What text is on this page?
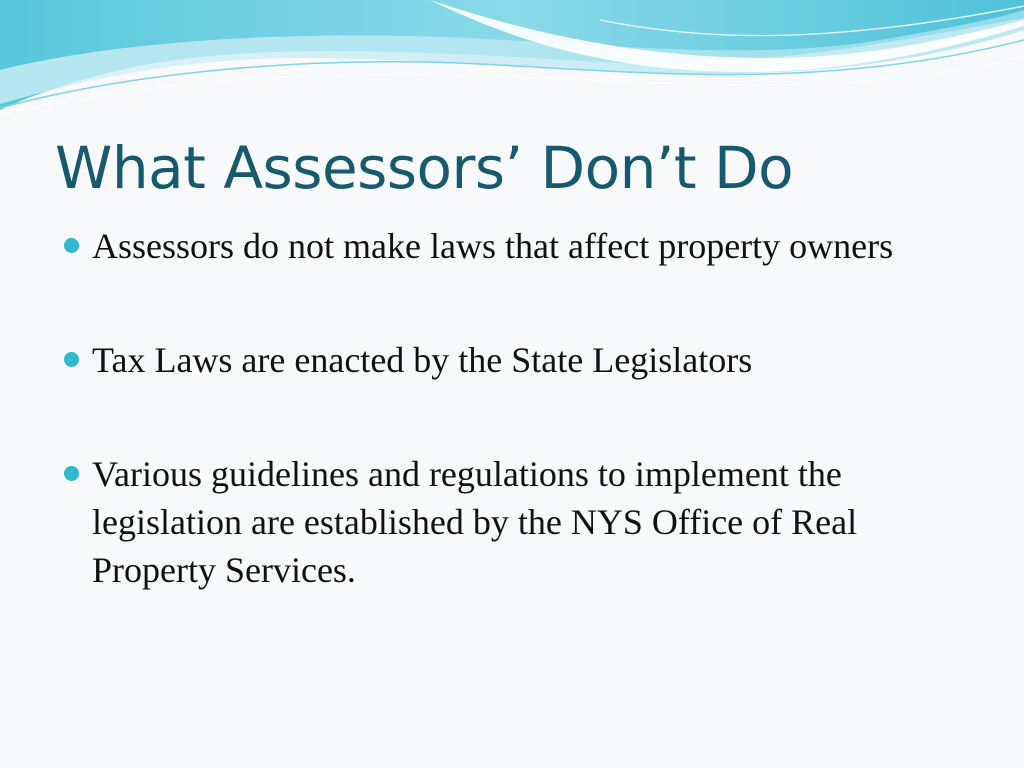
What Assessors’ Don’t Do
Assessors do not make laws that affect property owners
Tax Laws are enacted by the State Legislators
Various guidelines and regulations to implement the legislation are established by the NYS Office of Real Property Services.
